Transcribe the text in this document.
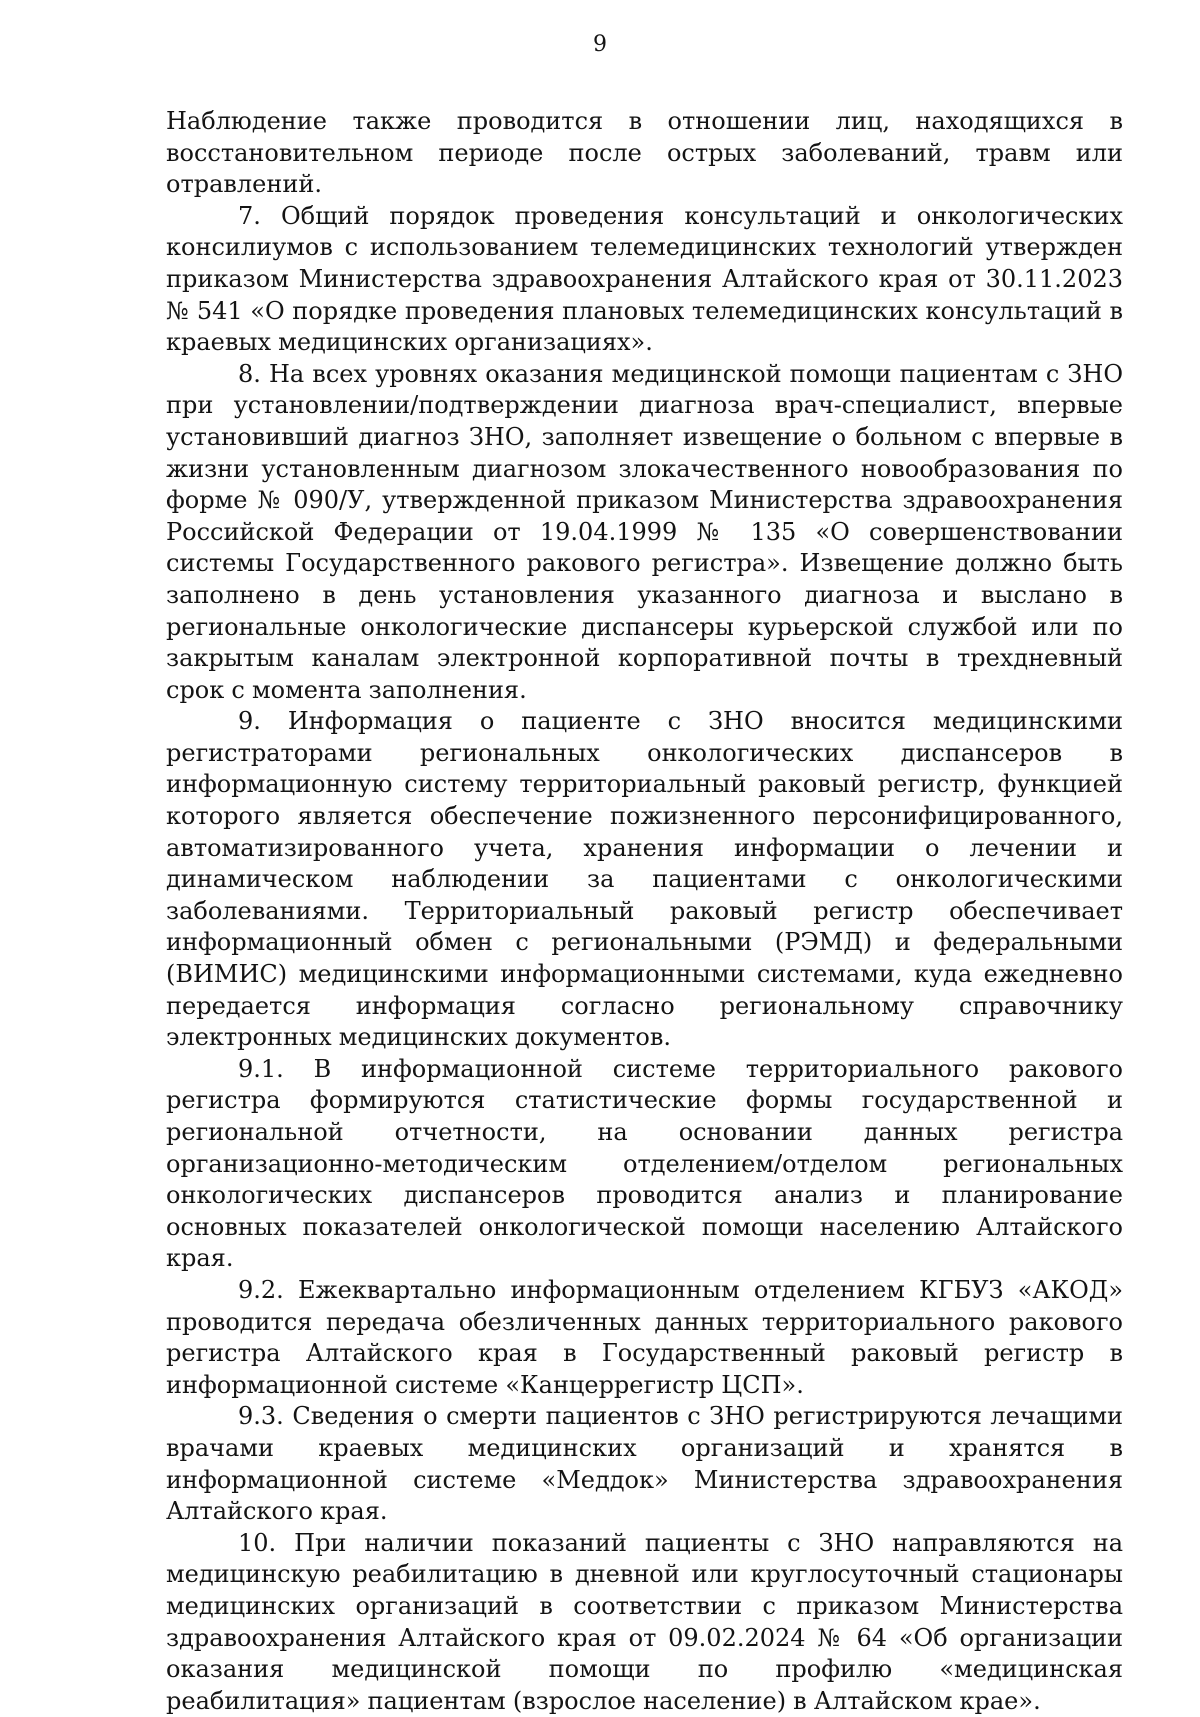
9

Наблюдение также проводится в отношении лиц, находящихся в восстановительном периоде после острых заболеваний, травм или отравлений.

7. Общий порядок проведения консультаций и онкологических консилиумов с использованием телемедицинских технологий утвержден приказом Министерства здравоохранения Алтайского края от 30.11.2023 № 541 «О порядке проведения плановых телемедицинских консультаций в краевых медицинских организациях».

8. На всех уровнях оказания медицинской помощи пациентам с ЗНО при установлении/подтверждении диагноза врач-специалист, впервые установивший диагноз ЗНО, заполняет извещение о больном с впервые в жизни установленным диагнозом злокачественного новообразования по форме № 090/У, утвержденной приказом Министерства здравоохранения Российской Федерации от 19.04.1999 № 135 «О совершенствовании системы Государственного ракового регистра». Извещение должно быть заполнено в день установления указанного диагноза и выслано в региональные онкологические диспансеры курьерской службой или по закрытым каналам электронной корпоративной почты в трехдневный срок с момента заполнения.

9. Информация о пациенте с ЗНО вносится медицинскими регистраторами региональных онкологических диспансеров в информационную систему территориальный раковый регистр, функцией которого является обеспечение пожизненного персонифицированного, автоматизированного учета, хранения информации о лечении и динамическом наблюдении за пациентами с онкологическими заболеваниями. Территориальный раковый регистр обеспечивает информационный обмен с региональными (РЭМД) и федеральными (ВИМИС) медицинскими информационными системами, куда ежедневно передается информация согласно региональному справочнику электронных медицинских документов.

9.1. В информационной системе территориального ракового регистра формируются статистические формы государственной и региональной отчетности, на основании данных регистра организационно-методическим отделением/отделом региональных онкологических диспансеров проводится анализ и планирование основных показателей онкологической помощи населению Алтайского края.

9.2. Ежеквартально информационным отделением КГБУЗ «АКОД» проводится передача обезличенных данных территориального ракового регистра Алтайского края в Государственный раковый регистр в информационной системе «Канцеррегистр ЦСП».

9.3. Сведения о смерти пациентов с ЗНО регистрируются лечащими врачами краевых медицинских организаций и хранятся в информационной системе «Меддок» Министерства здравоохранения Алтайского края.

10. При наличии показаний пациенты с ЗНО направляются на медицинскую реабилитацию в дневной или круглосуточный стационары медицинских организаций в соответствии с приказом Министерства здравоохранения Алтайского края от 09.02.2024 № 64 «Об организации оказания медицинской помощи по профилю «медицинская реабилитация» пациентам (взрослое население) в Алтайском крае».
